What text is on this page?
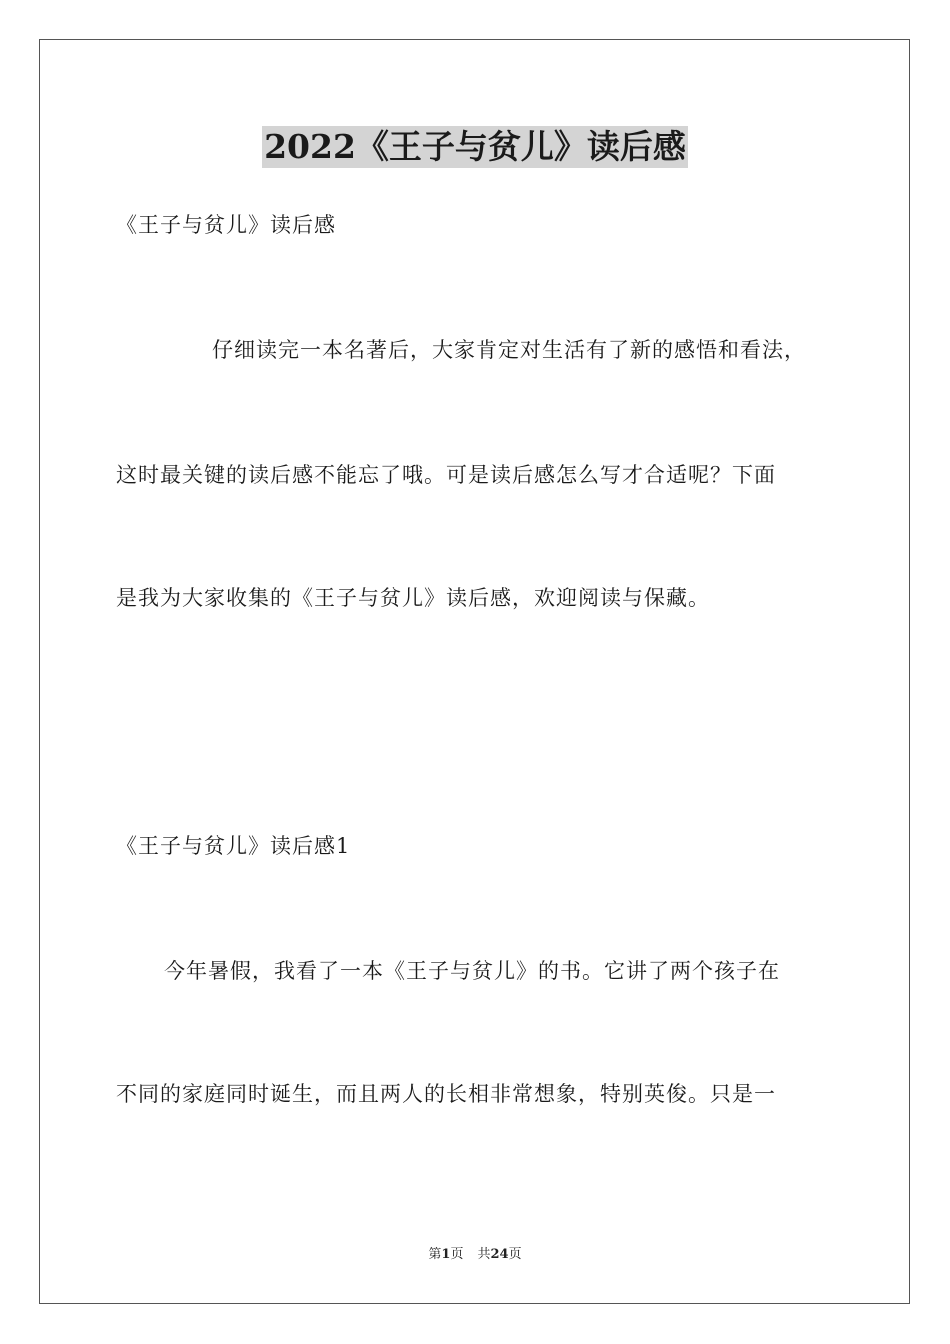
2022《王子与贫儿》读后感
《王子与贫儿》读后感
仔细读完一本名著后，大家肯定对生活有了新的感悟和看法，
这时最关键的读后感不能忘了哦。可是读后感怎么写才合适呢？下面
是我为大家收集的《王子与贫儿》读后感，欢迎阅读与保藏。
《王子与贫儿》读后感1
今年暑假，我看了一本《王子与贫儿》的书。它讲了两个孩子在
不同的家庭同时诞生，而且两人的长相非常想象，特别英俊。只是一
第1页 共24页
